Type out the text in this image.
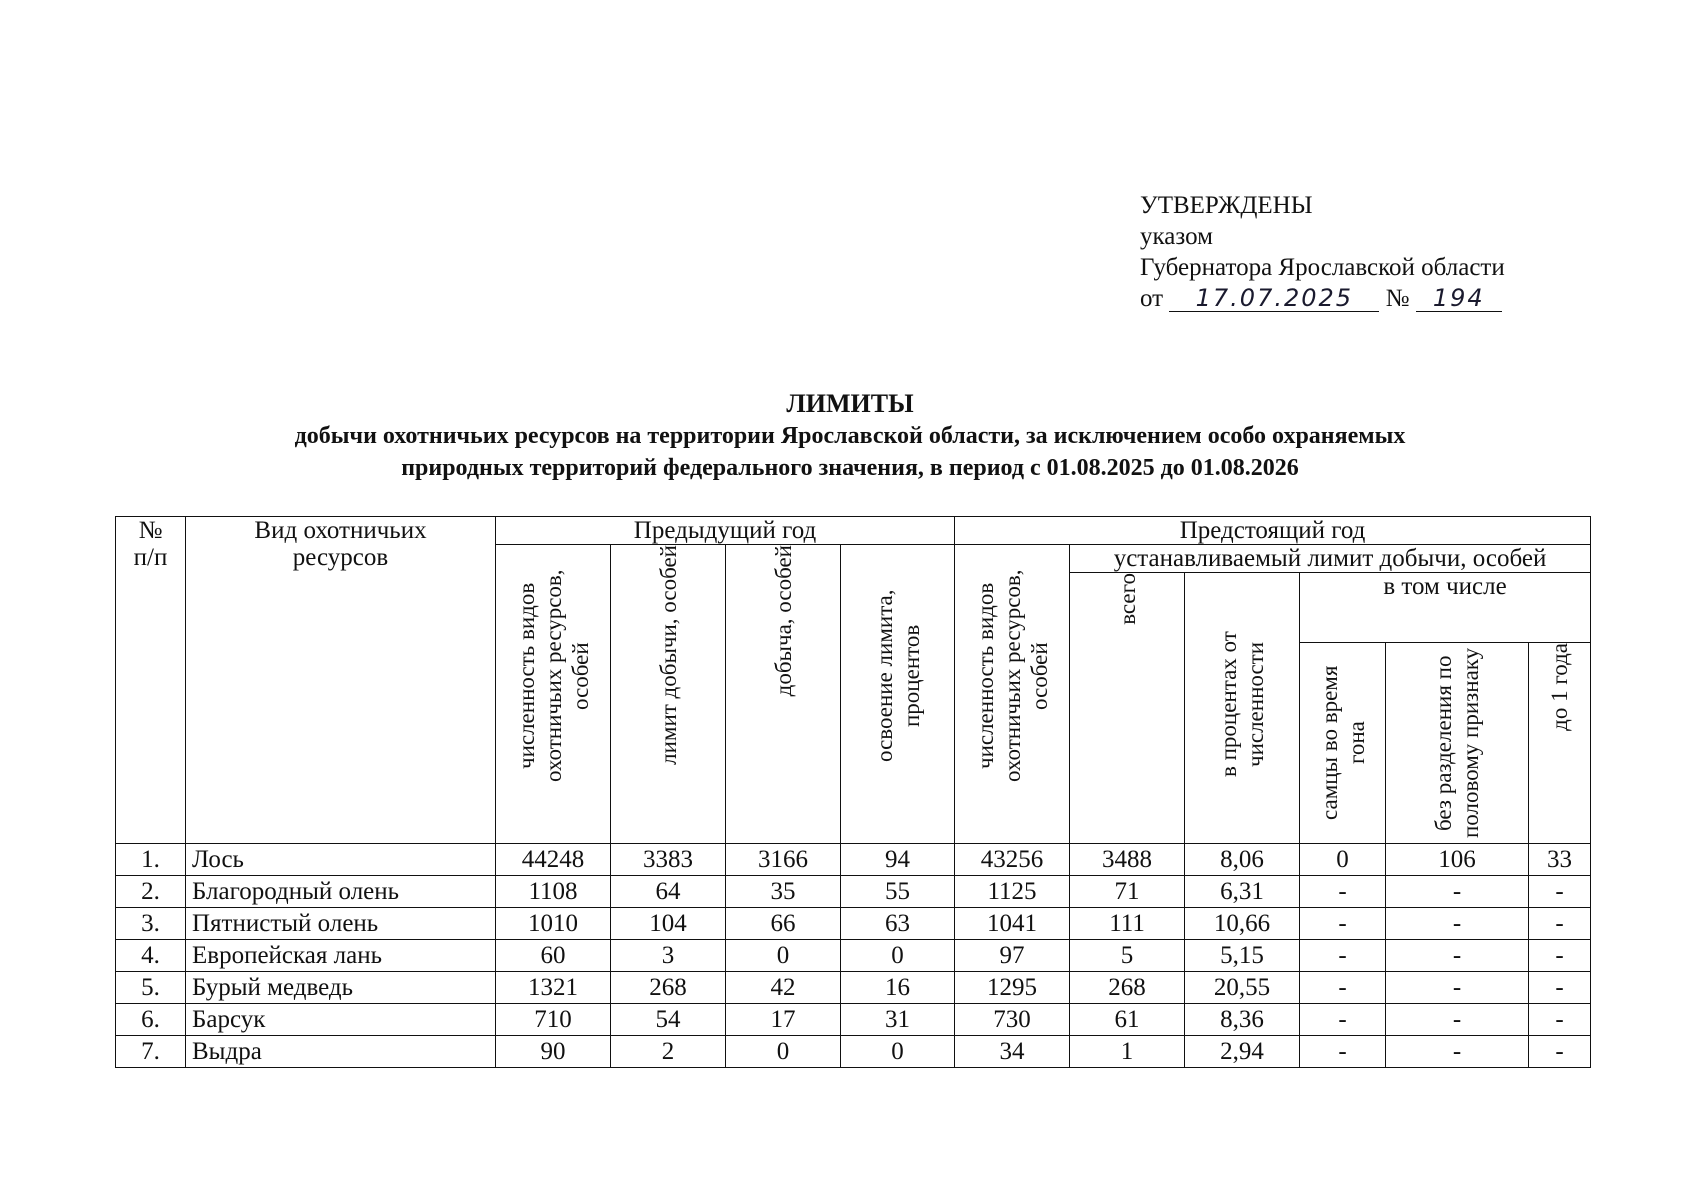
УТВЕРЖДЕНЫ
указом
Губернатора Ярославской области
от 17.07.2025 № 194
ЛИМИТЫ
добычи охотничьих ресурсов на территории Ярославской области, за исключением особо охраняемых
природных территорий федерального значения, в период с 01.08.2025 до 01.08.2026
№ п/п	Вид охотничьих ресурсов	Предыдущий год				Предстоящий год					

		численность видов охотничьих ресурсов, особей	лимит добычи, особей	добыча, особей	освоение лимита, процентов	численность видов охотничьих ресурсов, особей	устанавливаемый лимит добычи, особей				

							всего	в процентах от численности	в том числе		

									самцы во время гона	без разделения по половому признаку	до 1 года

1.	Лось	44248	3383	3166	94	43256	3488	8,06	0	106	33
2.	Благородный олень	1108	64	35	55	1125	71	6,31	-	-	-
3.	Пятнистый олень	1010	104	66	63	1041	111	10,66	-	-	-
4.	Европейская лань	60	3	0	0	97	5	5,15	-	-	-
5.	Бурый медведь	1321	268	42	16	1295	268	20,55	-	-	-
6.	Барсук	710	54	17	31	730	61	8,36	-	-	-
7.	Выдра	90	2	0	0	34	1	2,94	-	-	-
